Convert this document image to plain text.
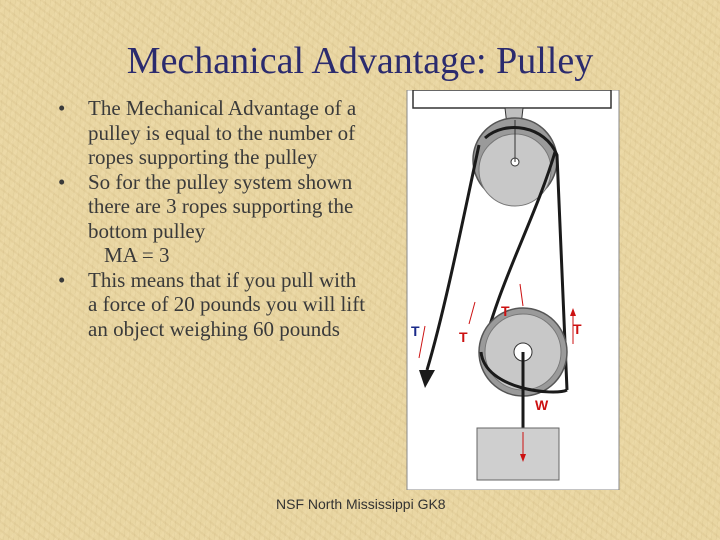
Mechanical Advantage: Pulley
•	The Mechanical Advantage of a pulley is equal to the number of ropes supporting the pulley
•	So for the pulley system shown there are 3 ropes supporting the bottom pulley
MA = 3
•	This means that if you pull with a force of 20 pounds you will lift an object weighing 60 pounds	T	T
T
T
W
NSF North Mississippi GK8
